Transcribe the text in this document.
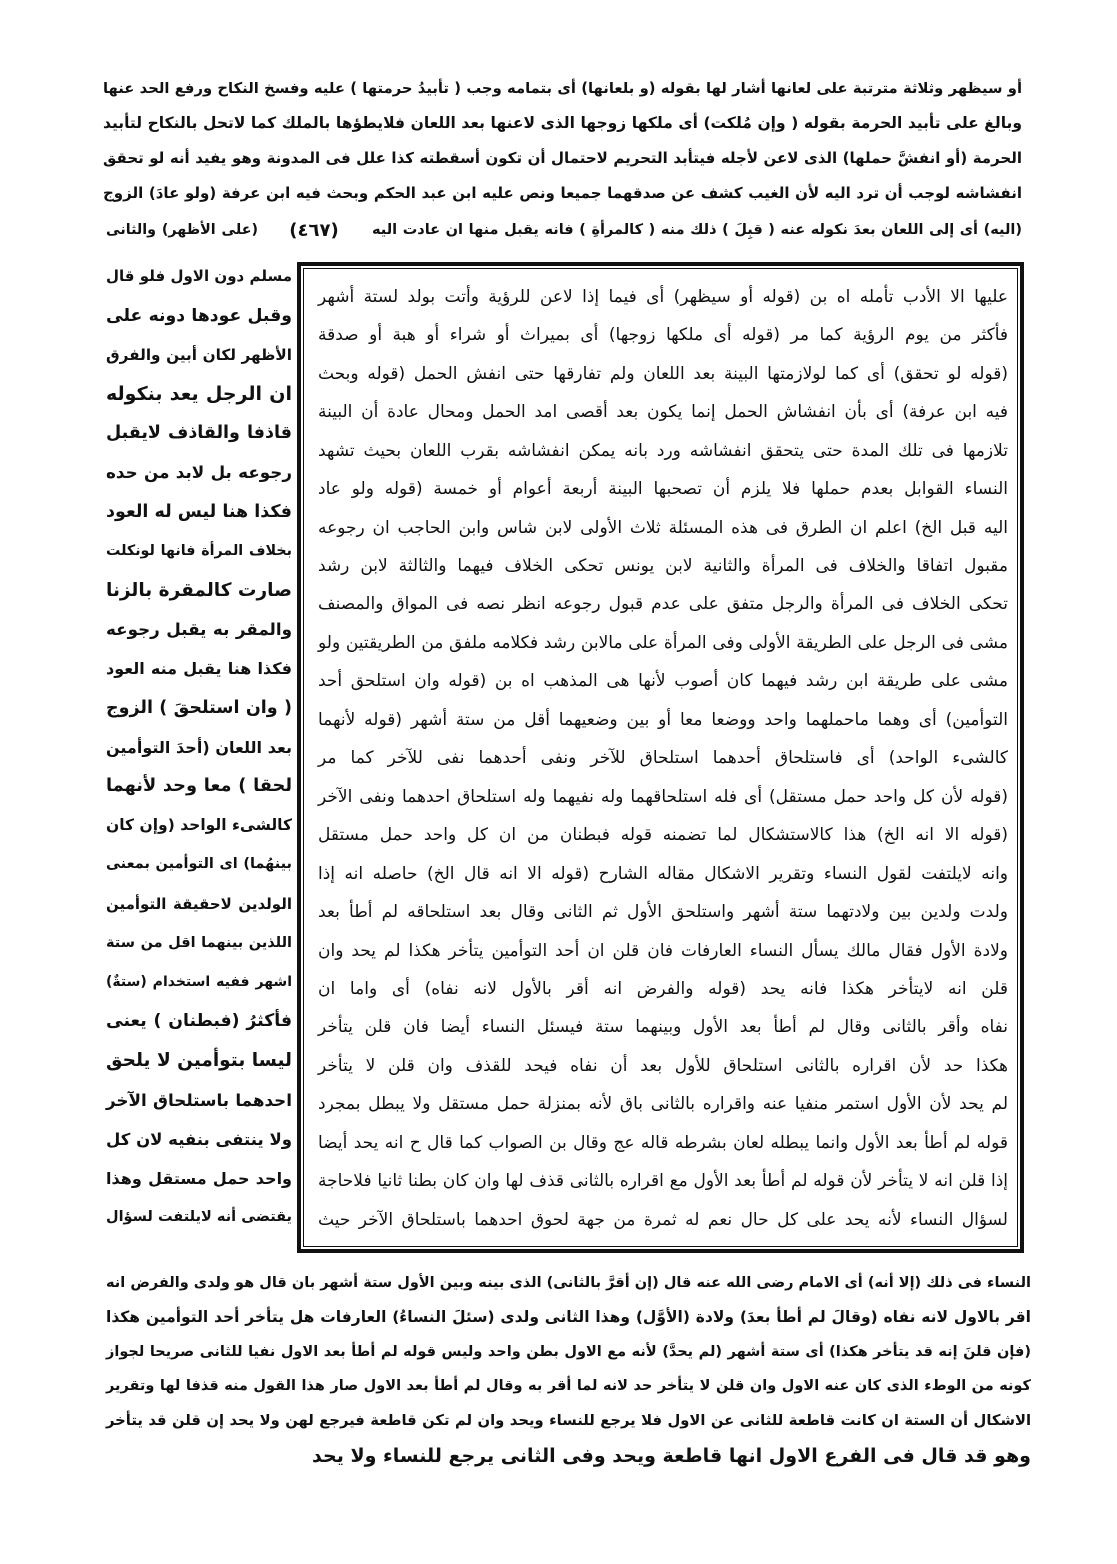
أو سيظهر وثلاثة مترتبة على لعانها أشار لها بقوله (و بلعانها) أى بتمامه وجب ( تأبيدُ حرمتها ) عليه وفسخ النكاح ورفع الحد عنها
وبالغ على تأبيد الحرمة بقوله ( وإن مُلكت) أى ملكها زوجها الذى لاعنها بعد اللعان فلايطؤها بالملك كما لاتحل بالنكاح لتأبيد
الحرمة (أو انفشَّ حملها) الذى لاعن لأجله فيتأبد التحريم لاحتمال أن تكون أسقطته كذا علل فى المدونة وهو يفيد أنه لو تحقق
انفشاشه لوجب أن ترد اليه لأن الغيب كشف عن صدقهما جميعا ونص عليه ابن عبد الحكم وبحث فيه ابن عرفة (ولو عادَ) الزوج
(اليه) أى إلى اللعان بعدَ نكوله عنه ( قبِلَ ) ذلك منه ( كالمرأةِ ) فانه يقبل منها ان عادت اليه
(٤٦٧)
(على الأظهر) والثانى
مسلم دون الاول فلو قال
وقبل عودها دونه على
الأظهر لكان أبين والفرق
ان الرجل يعد بنكوله
قاذفا والقاذف لايقبل
رجوعه بل لابد من حده
فكذا هنا ليس له العود
بخلاف المرأة فانها لونكلت
صارت كالمقرة بالزنا
والمقر به يقبل رجوعه
فكذا هنا يقبل منه العود
( وان استلحقَ ) الزوج
بعد اللعان (أحدَ التوأمين
لحقا ) معا وحد لأنهما
كالشىء الواحد (وإن كان
بينهُما) اى التوأمين بمعنى
الولدين لاحقيقة التوأمين
اللذين بينهما اقل من ستة
اشهر ففيه استخدام (ستةٌ)
فأكثرُ (فبطنان ) يعنى
ليسا بتوأمين لا يلحق
احدهما باستلحاق الآخر
ولا ينتفى بنفيه لان كل
واحد حمل مستقل وهذا
يقتضى أنه لايلتفت لسؤال
عليها الا الأدب تأمله اه بن (قوله أو سيظهر) أى فيما إذا لاعن للرؤية وأتت بولد لستة أشهر
فأكثر من يوم الرؤية كما مر (قوله أى ملكها زوجها) أى بميراث أو شراء أو هبة أو صدقة
(قوله لو تحقق) أى كما لولازمتها البينة بعد اللعان ولم تفارقها حتى انفش الحمل (قوله وبحث
فيه ابن عرفة) أى بأن انفشاش الحمل إنما يكون بعد أقصى امد الحمل ومحال عادة أن البينة
تلازمها فى تلك المدة حتى يتحقق انفشاشه ورد بانه يمكن انفشاشه بقرب اللعان بحيث تشهد
النساء القوابل بعدم حملها فلا يلزم أن تصحبها البينة أربعة أعوام أو خمسة (قوله ولو عاد
اليه قبل الخ) اعلم ان الطرق فى هذه المسئلة ثلاث الأولى لابن شاس وابن الحاجب ان رجوعه
مقبول اتفاقا والخلاف فى المرأة والثانية لابن يونس تحكى الخلاف فيهما والثالثة لابن رشد
تحكى الخلاف فى المرأة والرجل متفق على عدم قبول رجوعه انظر نصه فى المواق والمصنف
مشى فى الرجل على الطريقة الأولى وفى المرأة على مالابن رشد فكلامه ملفق من الطريقتين ولو
مشى على طريقة ابن رشد فيهما كان أصوب لأنها هى المذهب اه بن (قوله وان استلحق أحد
التوأمين) أى وهما ماحملهما واحد ووضعا معا أو بين وضعيهما أقل من ستة أشهر (قوله لأنهما
كالشىء الواحد) أى فاستلحاق أحدهما استلحاق للآخر ونفى أحدهما نفى للآخر كما مر
(قوله لأن كل واحد حمل مستقل) أى فله استلحاقهما وله نفيهما وله استلحاق احدهما ونفى الآخر
(قوله الا انه الخ) هذا كالاستشكال لما تضمنه قوله فبطنان من ان كل واحد حمل مستقل
وانه لايلتفت لقول النساء وتقرير الاشكال مقاله الشارح (قوله الا انه قال الخ) حاصله انه إذا
ولدت ولدين بين ولادتهما ستة أشهر واستلحق الأول ثم الثانى وقال بعد استلحاقه لم أطأ بعد
ولادة الأول فقال مالك يسأل النساء العارفات فان قلن ان أحد التوأمين يتأخر هكذا لم يحد وان
قلن انه لايتأخر هكذا فانه يحد (قوله والفرض انه أقر بالأول لانه نفاه) أى واما ان
نفاه وأقر بالثانى وقال لم أطأ بعد الأول وبينهما ستة فيسئل النساء أيضا فان قلن يتأخر
هكذا حد لأن اقراره بالثانى استلحاق للأول بعد أن نفاه فيحد للقذف وان قلن لا يتأخر
لم يحد لأن الأول استمر منفيا عنه واقراره بالثانى باق لأنه بمنزلة حمل مستقل ولا يبطل بمجرد
قوله لم أطأ بعد الأول وانما يبطله لعان بشرطه قاله عج وقال بن الصواب كما قال ح انه يحد أيضا
إذا قلن انه لا يتأخر لأن قوله لم أطأ بعد الأول مع اقراره بالثانى قذف لها وان كان بطنا ثانيا فلاحاجة
لسؤال النساء لأنه يحد على كل حال نعم له ثمرة من جهة لحوق احدهما باستلحاق الآخر حيث
النساء فى ذلك (إلا أنه) أى الامام رضى الله عنه قال (إن أقرَّ بالثانى) الذى بينه وبين الأول ستة أشهر بان قال هو ولدى والفرض انه
اقر بالاول لانه نفاه (وقالَ لم أطأ بعدَ) ولادة (الأوَّل) وهذا الثانى ولدى (سئلَ النساءُ) العارفات هل يتأخر أحد التوأمين هكذا
(فإن قلنَ إنه قد يتأخر هكذا) أى ستة أشهر (لم يحدَّ) لأنه مع الاول بطن واحد وليس قوله لم أطأ بعد الاول نفيا للثانى صريحا لجواز
كونه من الوطء الذى كان عنه الاول وان قلن لا يتأخر حد لانه لما أقر به وقال لم أطأ بعد الاول صار هذا القول منه قذفا لها وتقرير
الاشكال أن الستة ان كانت قاطعة للثانى عن الاول فلا يرجع للنساء ويحد وان لم تكن قاطعة فيرجع لهن ولا يحد إن قلن قد يتأخر
وهو قد قال فى الفرع الاول انها قاطعة ويحد وفى الثانى يرجع للنساء ولا يحد
